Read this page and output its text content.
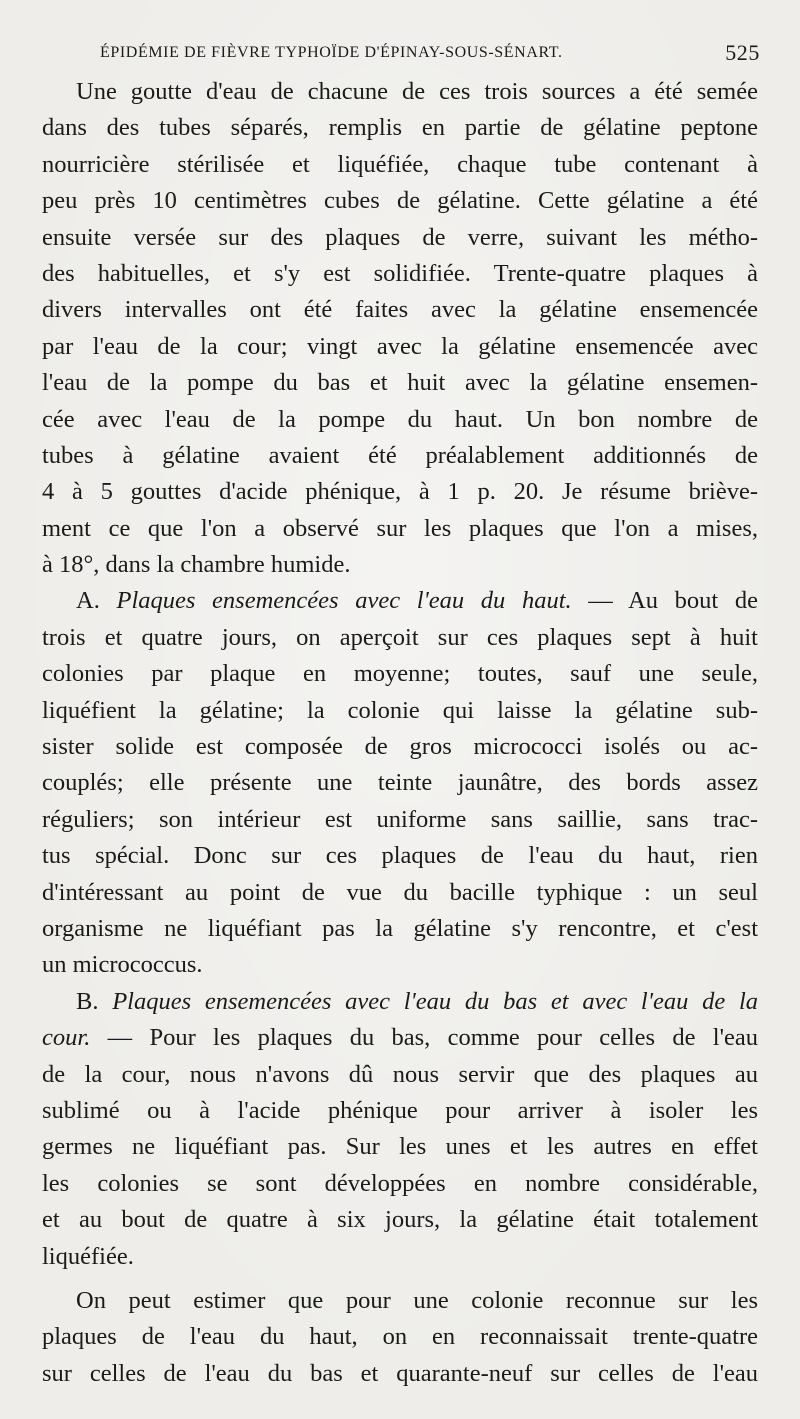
ÉPIDÉMIE DE FIÈVRE TYPHOÏDE D'ÉPINAY-SOUS-SÉNART.	525
Une goutte d'eau de chacune de ces trois sources a été semée
dans des tubes séparés, remplis en partie de gélatine peptone
nourricière stérilisée et liquéfiée, chaque tube contenant à
peu près 10 centimètres cubes de gélatine. Cette gélatine a été
ensuite versée sur des plaques de verre, suivant les métho-
des habituelles, et s'y est solidifiée. Trente-quatre plaques à
divers intervalles ont été faites avec la gélatine ensemencée
par l'eau de la cour; vingt avec la gélatine ensemencée avec
l'eau de la pompe du bas et huit avec la gélatine ensemen-
cée avec l'eau de la pompe du haut. Un bon nombre de
tubes à gélatine avaient été préalablement additionnés de
4 à 5 gouttes d'acide phénique, à 1 p. 20. Je résume briève-
ment ce que l'on a observé sur les plaques que l'on a mises,
à 18°, dans la chambre humide.
A. Plaques ensemencées avec l'eau du haut. — Au bout de
trois et quatre jours, on aperçoit sur ces plaques sept à huit
colonies par plaque en moyenne; toutes, sauf une seule,
liquéfient la gélatine; la colonie qui laisse la gélatine sub-
sister solide est composée de gros micrococci isolés ou ac-
couplés; elle présente une teinte jaunâtre, des bords assez
réguliers; son intérieur est uniforme sans saillie, sans trac-
tus spécial. Donc sur ces plaques de l'eau du haut, rien
d'intéressant au point de vue du bacille typhique : un seul
organisme ne liquéfiant pas la gélatine s'y rencontre, et c'est
un micrococcus.
B. Plaques ensemencées avec l'eau du bas et avec l'eau de la
cour. — Pour les plaques du bas, comme pour celles de l'eau
de la cour, nous n'avons dû nous servir que des plaques au
sublimé ou à l'acide phénique pour arriver à isoler les
germes ne liquéfiant pas. Sur les unes et les autres en effet
les colonies se sont développées en nombre considérable,
et au bout de quatre à six jours, la gélatine était totalement
liquéfiée.
On peut estimer que pour une colonie reconnue sur les
plaques de l'eau du haut, on en reconnaissait trente-quatre
sur celles de l'eau du bas et quarante-neuf sur celles de l'eau
